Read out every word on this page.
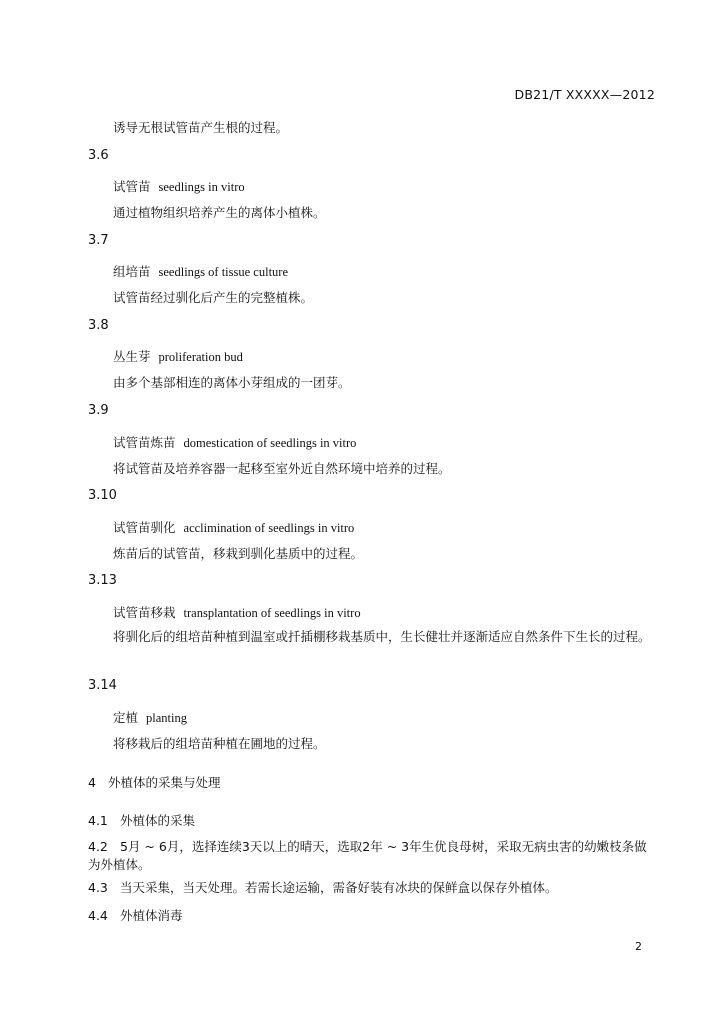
DB21/T XXXXX—2012
诱导无根试管苗产生根的过程。
3.6
试管苗 seedlings in vitro
通过植物组织培养产生的离体小植株。
3.7
组培苗 seedlings of tissue culture
试管苗经过驯化后产生的完整植株。
3.8
丛生芽 proliferation bud
由多个基部相连的离体小芽组成的一团芽。
3.9
试管苗炼苗 domestication of seedlings in vitro
将试管苗及培养容器一起移至室外近自然环境中培养的过程。
3.10
试管苗驯化 acclimination of seedlings in vitro
炼苗后的试管苗，移栽到驯化基质中的过程。
3.13
试管苗移栽 transplantation of seedlings in vitro
将驯化后的组培苗种植到温室或扦插棚移栽基质中，生长健壮并逐渐适应自然条件下生长的过程。
3.14
定植 planting
将移栽后的组培苗种植在圃地的过程。
4 外植体的采集与处理
4.1 外植体的采集
4.2 5月 ~ 6月，选择连续3天以上的晴天，选取2年 ~ 3年生优良母树，采取无病虫害的幼嫩枝条做为外植体。
4.3 当天采集，当天处理。若需长途运输，需备好装有冰块的保鲜盒以保存外植体。
4.4 外植体消毒
2
